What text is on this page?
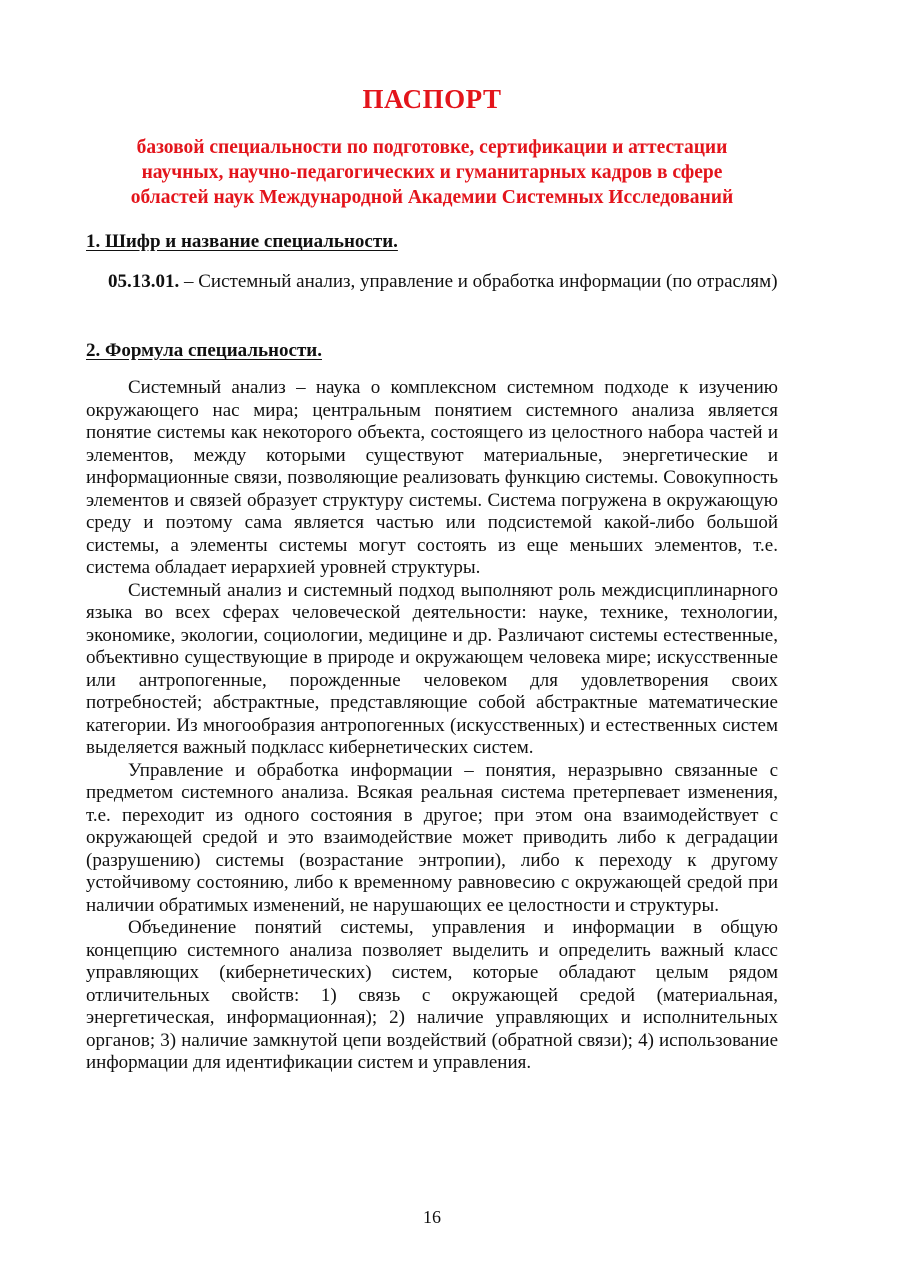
ПАСПОРТ
базовой специальности по подготовке, сертификации и аттестации
научных, научно-педагогических и гуманитарных кадров в сфере
областей наук Международной Академии Системных Исследований
1. Шифр и название специальности.
05.13.01. – Системный анализ, управление и обработка информации (по отраслям)
2. Формула специальности.

Системный анализ – наука о комплексном системном подходе к изучению окружающего нас мира; центральным понятием системного анализа является понятие системы как некоторого объекта, состоящего из целостного набора частей и элементов, между которыми существуют материальные, энергетические и информационные связи, позволяющие реализовать функцию системы. Совокупность элементов и связей образует структуру системы. Система погружена в окружающую среду и поэтому сама является частью или подсистемой какой-либо большой системы, а элементы системы могут состоять из еще меньших элементов, т.е. система обладает иерархией уровней структуры.

Системный анализ и системный подход выполняют роль междисциплинарного языка во всех сферах человеческой деятельности: науке, технике, технологии, экономике, экологии, социологии, медицине и др. Различают системы естественные, объективно существующие в природе и окружающем человека мире; искусственные или антропогенные, порожденные человеком для удовлетворения своих потребностей; абстрактные, представляющие собой абстрактные математические категории. Из многообразия антропогенных (искусственных) и естественных систем выделяется важный подкласс кибернетических систем.

Управление и обработка информации – понятия, неразрывно связанные с предметом системного анализа. Всякая реальная система претерпевает изменения, т.е. переходит из одного состояния в другое; при этом она взаимодействует с окружающей средой и это взаимодействие может приводить либо к деградации (разрушению) системы (возрастание энтропии), либо к переходу к другому устойчивому состоянию, либо к временному равновесию с окружающей средой при наличии обратимых изменений, не нарушающих ее целостности и структуры.

Объединение понятий системы, управления и информации в общую концепцию системного анализа позволяет выделить и определить важный класс управляющих (кибернетических) систем, которые обладают целым рядом отличительных свойств: 1) связь с окружающей средой (материальная, энергетическая, информационная); 2) наличие управляющих и исполнительных органов; 3) наличие замкнутой цепи воздействий (обратной связи); 4) использование информации для идентификации систем и управления.

16
